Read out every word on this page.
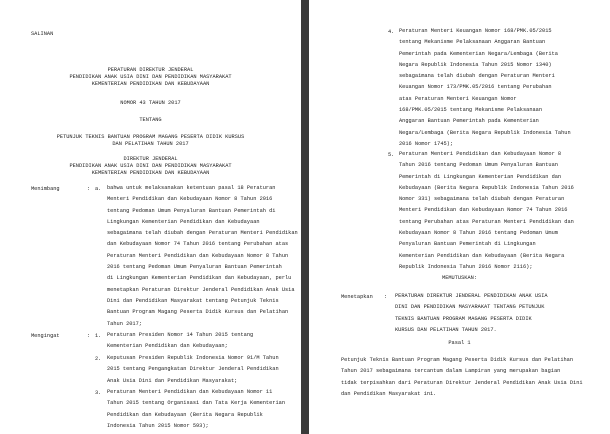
SALINAN
PERATURAN DIREKTUR JENDERAL
PENDIDIKAN ANAK USIA DINI DAN PENDIDIKAN MASYARAKAT
KEMENTERIAN PENDIDIKAN DAN KEBUDAYAAN
NOMOR 43 TAHUN 2017
TENTANG
PETUNJUK TEKNIS BANTUAN PROGRAM MAGANG PESERTA DIDIK KURSUS
DAN PELATIHAN TAHUN 2017
DIREKTUR JENDERAL
PENDIDIKAN ANAK USIA DINI DAN PENDIDIKAN MASYARAKAT
KEMENTERIAN PENDIDIKAN DAN KEBUDAYAAN
Menimbang	: a. bahwa untuk melaksanakan ketentuan pasal 18 Peraturan
Menteri Pendidikan dan Kebudayaan Nomor 8 Tahun 2016
tentang Pedoman Umum Penyaluran Bantuan Pemerintah di
Lingkungan Kementerian Pendidikan dan Kebudayaan
sebagaimana telah diubah dengan Peraturan Menteri Pendidikan
dan Kebudayaan Nomor 74 Tahun 2016 tentang Perubahan atas
Peraturan Menteri Pendidikan dan Kebudayaan Nomor 8 Tahun
2016 tentang Pedoman Umum Penyaluran Bantuan Pemerintah
di Lingkungan Kementerian Pendidikan dan Kebudayaan, perlu
menetapkan Peraturan Direktur Jenderal Pendidikan Anak Usia
Dini dan Pendidikan Masyarakat tentang Petunjuk Teknis
Bantuan Program Magang Peserta Didik Kursus dan Pelatihan
Tahun 2017;
Mengingat	: 1. Peraturan Presiden Nomor 14 Tahun 2015 tentang
Kementerian Pendidikan dan Kebudayaan;
2. Keputusan Presiden Republik Indonesia Nomor 91/M Tahun
2015 tentang Pengangkatan Direktur Jenderal Pendidikan
Anak Usia Dini dan Pendidikan Masyarakat;
3. Peraturan Menteri Pendidikan dan Kebudayaan Nomor 11
Tahun 2015 tentang Organisasi dan Tata Kerja Kementerian
Pendidikan dan Kebudayaan (Berita Negara Republik
Indonesia Tahun 2015 Nomor 593);
4. Peraturan Menteri Keuangan Nomor 168/PMK.05/2015
tentang Mekanisme Pelaksanaan Anggaran Bantuan
Pemerintah pada Kementerian Negara/Lembaga (Berita
Negara Republik Indonesia Tahun 2015 Nomor 1340)
sebagaimana telah diubah dengan Peraturan Menteri
Keuangan Nomor 173/PMK.05/2016 tentang Perubahan
atas Peraturan Menteri Keuangan Nomor
168/PMK.05/2015 tentang Mekanisme Pelaksanaan
Anggaran Bantuan Pemerintah pada Kementerian
Negara/Lembaga (Berita Negara Republik Indonesia Tahun
2016 Nomor 1745);
5. Peraturan Menteri Pendidikan dan Kebudayaan Nomor 8
Tahun 2016 tentang Pedoman Umum Penyaluran Bantuan
Pemerintah di Lingkungan Kementerian Pendidikan dan
Kebudayaan (Berita Negara Republik Indonesia Tahun 2016
Nomor 331) sebagaimana telah diubah dengan Peraturan
Menteri Pendidikan dan Kebudayaan Nomor 74 Tahun 2016
tentang Perubahan atas Peraturan Menteri Pendidikan dan
Kebudayaan Nomor 8 Tahun 2016 tentang Pedoman Umum
Penyaluran Bantuan Pemerintah di Lingkungan
Kementerian Pendidikan dan Kebudayaan (Berita Negara
Republik Indonesia Tahun 2016 Nomor 2116);
MEMUTUSKAN:
Menetapkan : PERATURAN DIREKTUR JENDERAL PENDIDIKAN ANAK USIA
DINI DAN PENDIDIKAN MASYARAKAT TENTANG PETUNJUK
TEKNIS BANTUAN PROGRAM MAGANG PESERTA DIDIK
KURSUS DAN PELATIHAN TAHUN 2017.
Pasal 1
Petunjuk Teknis Bantuan Program Magang Peserta Didik Kursus dan Pelatihan
Tahun 2017 sebagaimana tercantum dalam Lampiran yang merupakan bagian
tidak terpisahkan dari Peraturan Direktur Jenderal Pendidikan Anak Usia Dini
dan Pendidikan Masyarakat ini.
